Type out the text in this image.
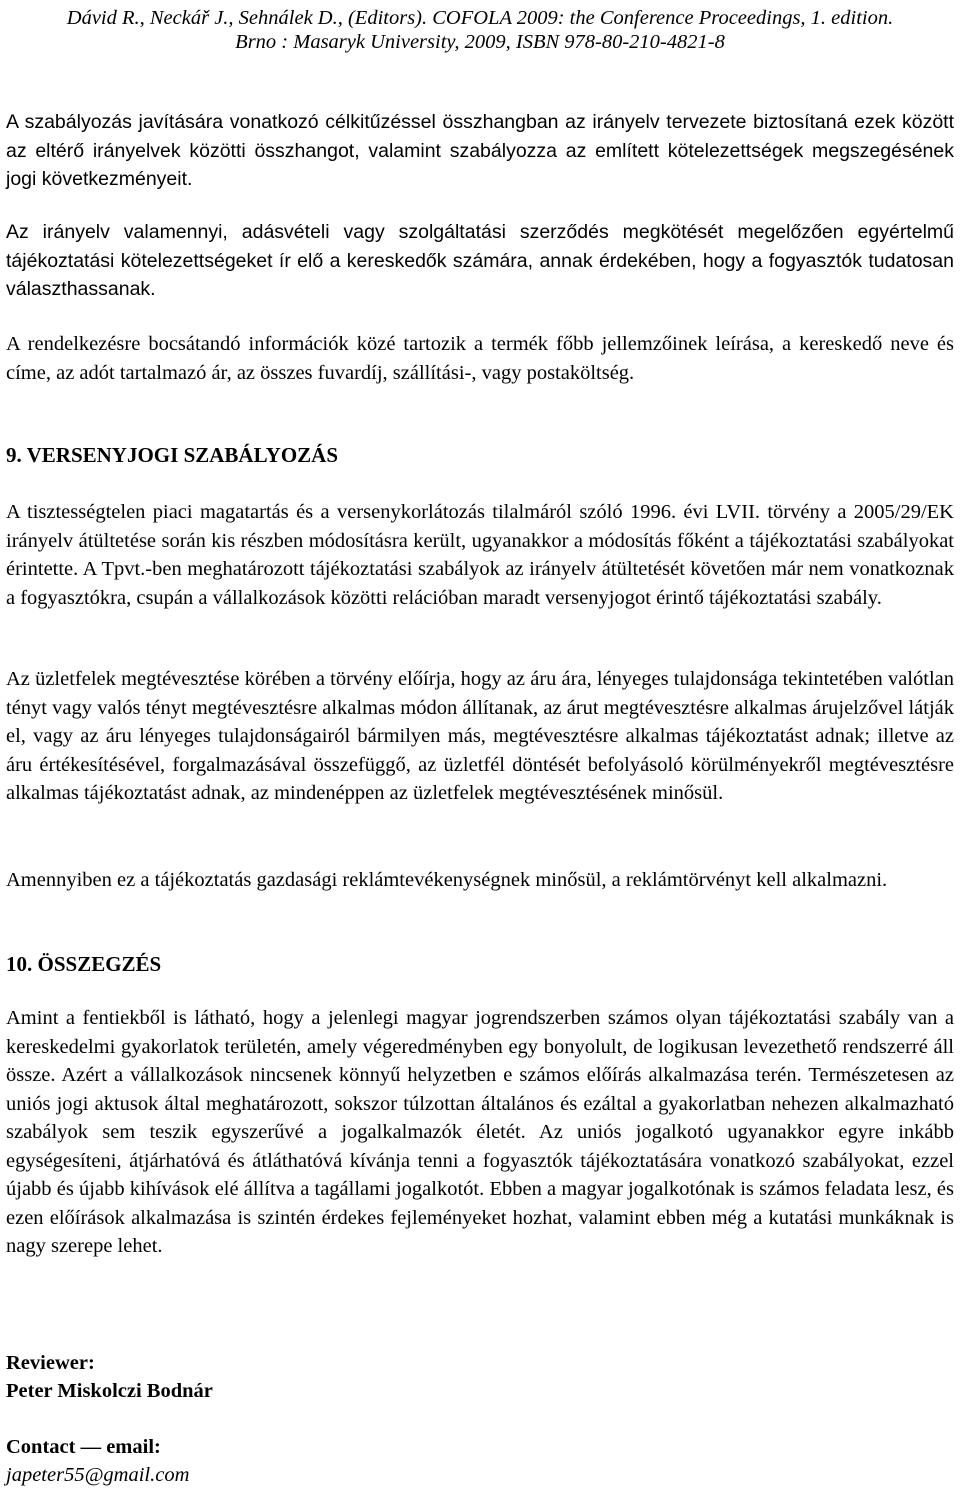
Dávid R., Neckář J., Sehnálek D., (Editors). COFOLA 2009: the Conference Proceedings, 1. edition.
Brno : Masaryk University, 2009, ISBN 978-80-210-4821-8

A szabályozás javítására vonatkozó célkitűzéssel összhangban az irányelv tervezete biztosítaná ezek között az eltérő irányelvek közötti összhangot, valamint szabályozza az említett kötelezettségek megszegésének jogi következményeit.

Az irányelv valamennyi, adásvételi vagy szolgáltatási szerződés megkötését megelőzően egyértelmű tájékoztatási kötelezettségeket ír elő a kereskedők számára, annak érdekében, hogy a fogyasztók tudatosan választhassanak.

A rendelkezésre bocsátandó információk közé tartozik a termék főbb jellemzőinek leírása, a kereskedő neve és címe, az adót tartalmazó ár, az összes fuvardíj, szállítási-, vagy postaköltség.

9. VERSENYJOGI SZABÁLYOZÁS

A tisztességtelen piaci magatartás és a versenykorlátozás tilalmáról szóló 1996. évi LVII. törvény a 2005/29/EK irányelv átültetése során kis részben módosításra került, ugyanakkor a módosítás főként a tájékoztatási szabályokat érintette. A Tpvt.-ben meghatározott tájékoztatási szabályok az irányelv átültetését követően már nem vonatkoznak a fogyasztókra, csupán a vállalkozások közötti relációban maradt versenyjogot érintő tájékoztatási szabály.

Az üzletfelek megtévesztése körében a törvény előírja, hogy az áru ára, lényeges tulajdonsága tekintetében valótlan tényt vagy valós tényt megtévesztésre alkalmas módon állítanak, az árut megtévesztésre alkalmas árujelzővel látják el, vagy az áru lényeges tulajdonságairól bármilyen más, megtévesztésre alkalmas tájékoztatást adnak; illetve az áru értékesítésével, forgalmazásával összefüggő, az üzletfél döntését befolyásoló körülményekről megtévesztésre alkalmas tájékoztatást adnak, az mindenéppen az üzletfelek megtévesztésének minősül.

Amennyiben ez a tájékoztatás gazdasági reklámtevékenységnek minősül, a reklámtörvényt kell alkalmazni.

10. ÖSSZEGZÉS

Amint a fentiekből is látható, hogy a jelenlegi magyar jogrendszerben számos olyan tájékoztatási szabály van a kereskedelmi gyakorlatok területén, amely végeredményben egy bonyolult, de logikusan levezethető rendszerré áll össze. Azért a vállalkozások nincsenek könnyű helyzetben e számos előírás alkalmazása terén. Természetesen az uniós jogi aktusok által meghatározott, sokszor túlzottan általános és ezáltal a gyakorlatban nehezen alkalmazható szabályok sem teszik egyszerűvé a jogalkalmazók életét. Az uniós jogalkotó ugyanakkor egyre inkább egységesíteni, átjárhatóvá és átláthatóvá kívánja tenni a fogyasztók tájékoztatására vonatkozó szabályokat, ezzel újabb és újabb kihívások elé állítva a tagállami jogalkotót. Ebben a magyar jogalkotónak is számos feladata lesz, és ezen előírások alkalmazása is szintén érdekes fejleményeket hozhat, valamint ebben még a kutatási munkáknak is nagy szerepe lehet.

Reviewer:
Peter Miskolczi Bodnár
Contact — email:
japeter55@gmail.com
